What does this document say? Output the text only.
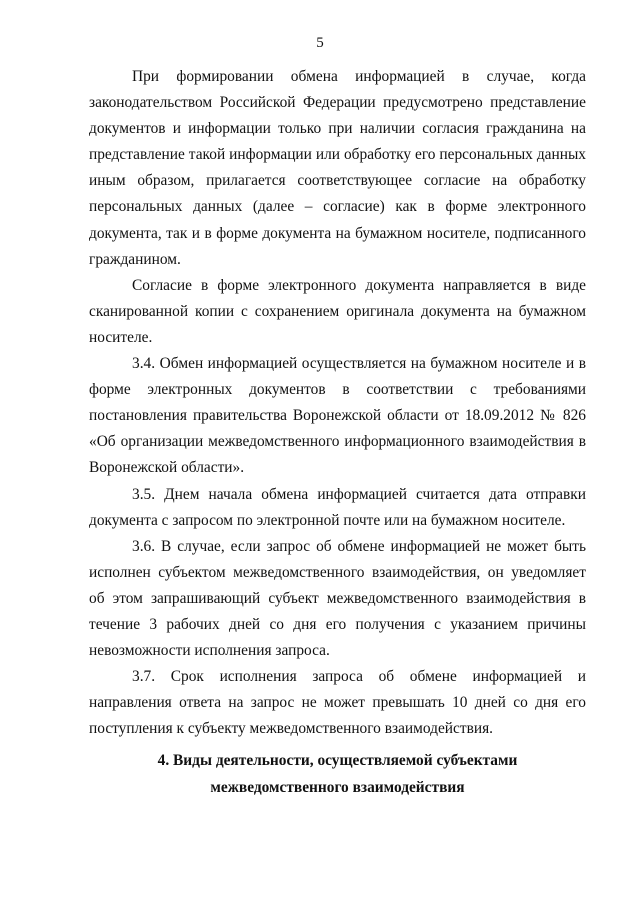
5

При формировании обмена информацией в случае, когда законодательством Российской Федерации предусмотрено представление документов и информации только при наличии согласия гражданина на представление такой информации или обработку его персональных данных иным образом, прилагается соответствующее согласие на обработку персональных данных (далее – согласие) как в форме электронного документа, так и в форме документа на бумажном носителе, подписанного гражданином.

Согласие в форме электронного документа направляется в виде сканированной копии с сохранением оригинала документа на бумажном носителе.

3.4. Обмен информацией осуществляется на бумажном носителе и в форме электронных документов в соответствии с требованиями постановления правительства Воронежской области от 18.09.2012 № 826 «Об организации межведомственного информационного взаимодействия в Воронежской области».

3.5. Днем начала обмена информацией считается дата отправки документа с запросом по электронной почте или на бумажном носителе.

3.6. В случае, если запрос об обмене информацией не может быть исполнен субъектом межведомственного взаимодействия, он уведомляет об этом запрашивающий субъект межведомственного взаимодействия в течение 3 рабочих дней со дня его получения с указанием причины невозможности исполнения запроса.

3.7. Срок исполнения запроса об обмене информацией и направления ответа на запрос не может превышать 10 дней со дня его поступления к субъекту межведомственного взаимодействия.

4. Виды деятельности, осуществляемой субъектами
межведомственного взаимодействия
